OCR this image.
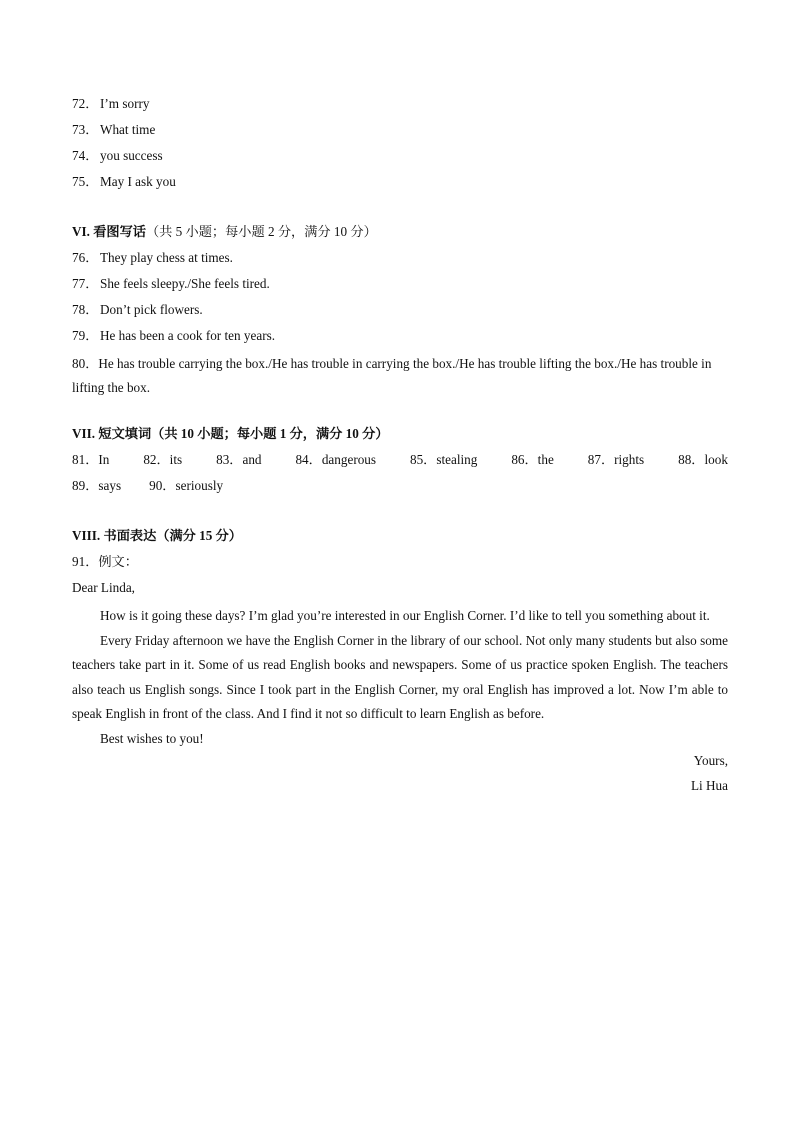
72． I’m sorry
73． What time
74． you success
75． May I ask you
VI. 看图写话（共 5 小题；每小题 2 分，满分 10 分）
76． They play chess at times.
77． She feels sleepy./She feels tired.
78． Don’t pick flowers.
79． He has been a cook for ten years.
80．He has trouble carrying the box./He has trouble in carrying the box./He has trouble lifting the box./He has trouble in lifting the box.
VII. 短文填词（共 10 小题；每小题 1 分，满分 10 分）
81．In	82．its	83．and	84．dangerous	85．stealing	86．the	87．rights	88．look
89．says 90．seriously
VIII. 书面表达（满分 15 分）
91．例文：
Dear Linda,
How is it going these days? I’m glad you’re interested in our English Corner. I’d like to tell you something about it.
Every Friday afternoon we have the English Corner in the library of our school. Not only many students but also some teachers take part in it. Some of us read English books and newspapers. Some of us practice spoken English. The teachers also teach us English songs. Since I took part in the English Corner, my oral English has improved a lot. Now I’m able to speak English in front of the class. And I find it not so difficult to learn English as before.
Best wishes to you!
Yours,
Li Hua
